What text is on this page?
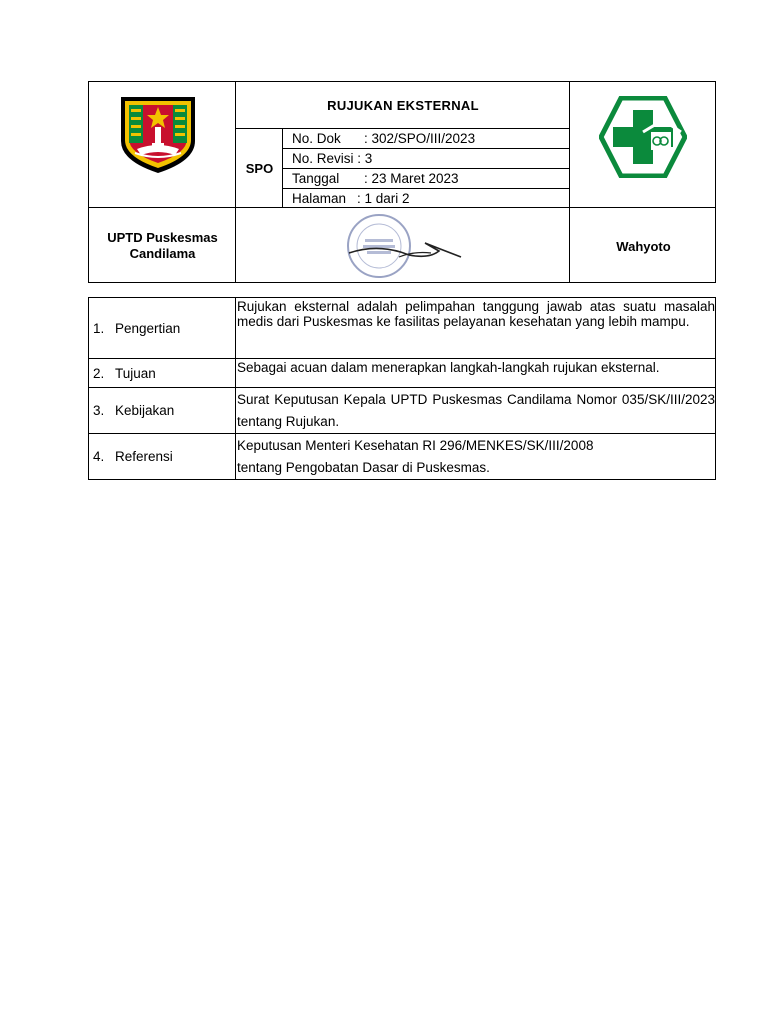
RUJUKAN EKSTERNAL
SPO
No. Dok : 302/SPO/III/2023
No. Revisi : 3
Tanggal : 23 Maret 2023
Halaman : 1 dari 2
UPTD Puskesmas
Candilama	Wahyoto
1. Pengertian
Rujukan eksternal adalah pelimpahan tanggung jawab atas suatu masalah medis dari Puskesmas ke fasilitas pelayanan kesehatan yang lebih mampu.
2. Tujuan	Sebagai acuan dalam menerapkan langkah-langkah rujukan eksternal.
3. Kebijakan
Surat Keputusan Kepala UPTD Puskesmas Candilama Nomor 035/SK/III/2023 tentang Rujukan.
4. Referensi
Keputusan Menteri Kesehatan RI 296/MENKES/SK/III/2008
tentang Pengobatan Dasar di Puskesmas.
